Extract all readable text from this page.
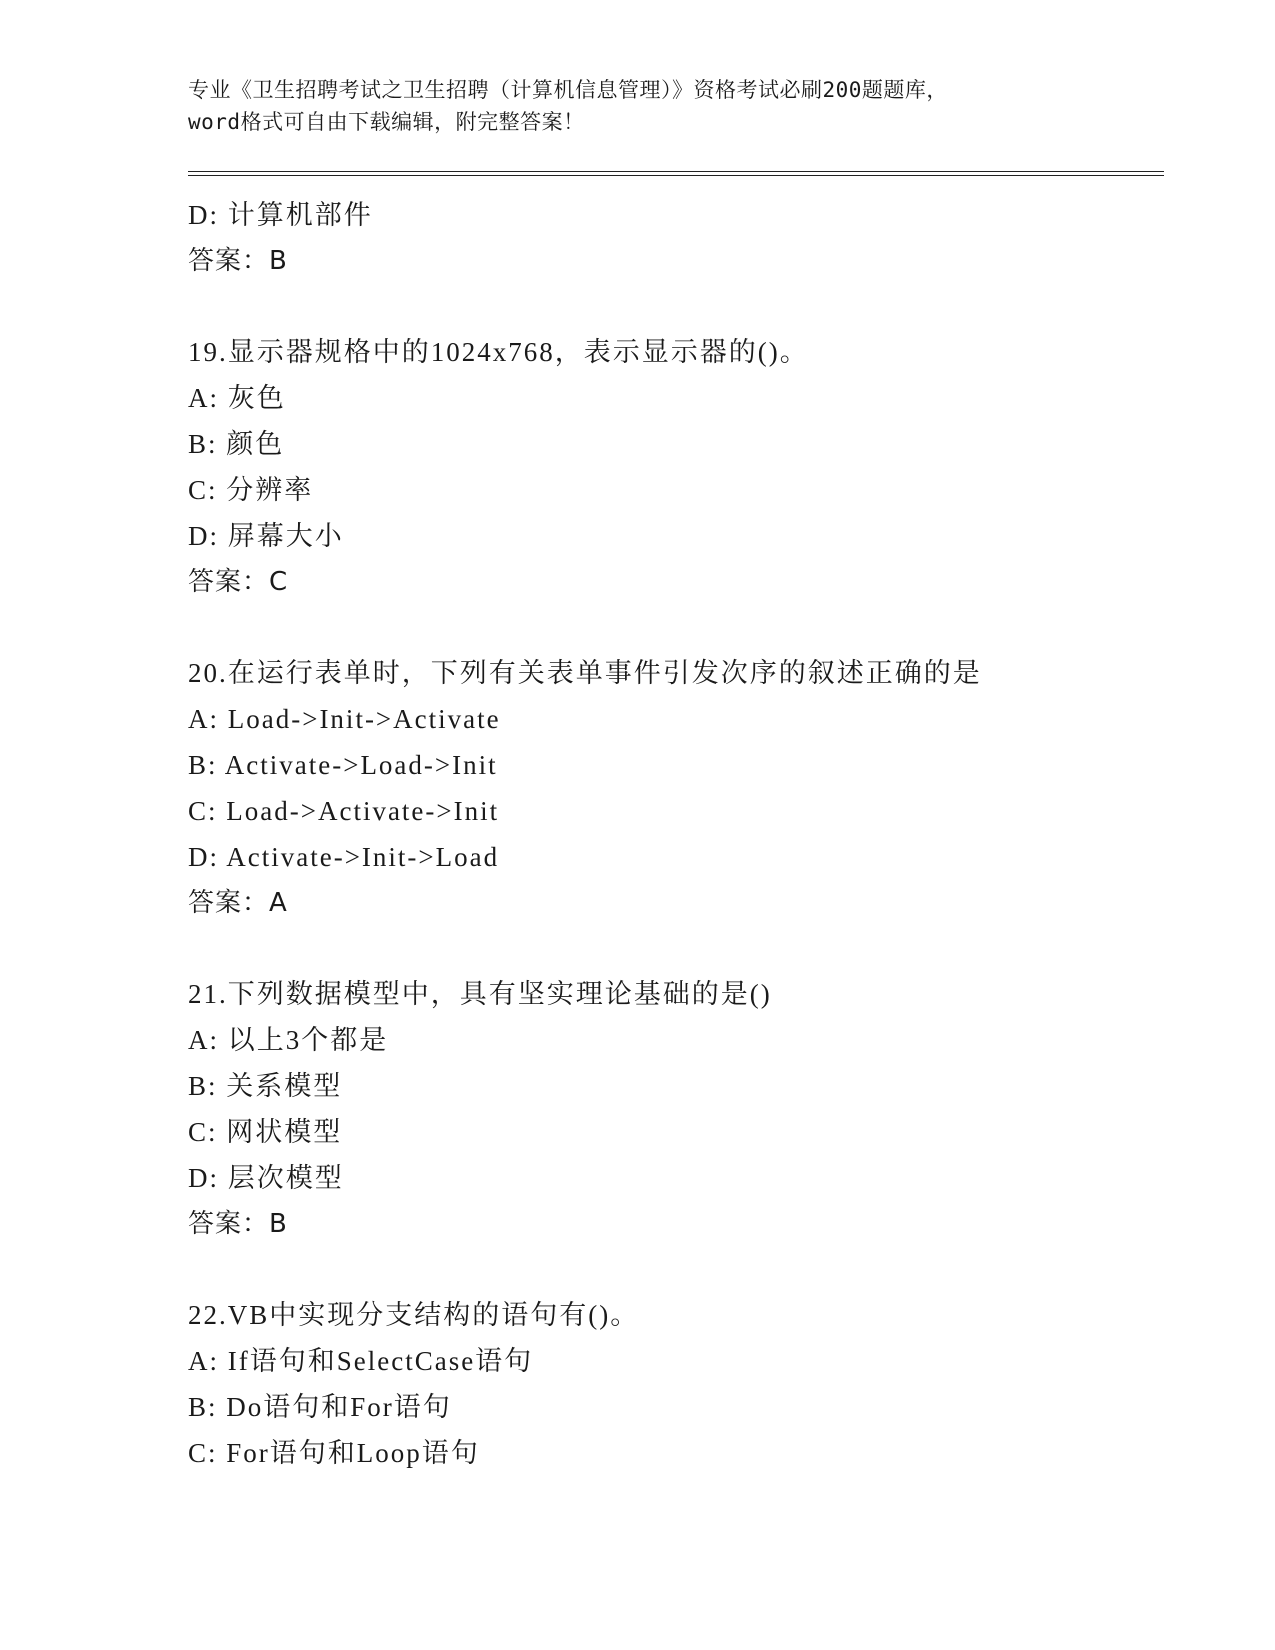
专业《卫生招聘考试之卫生招聘（计算机信息管理）》资格考试必刷200题题库，
word格式可自由下载编辑，附完整答案！
D: 计算机部件
答案：B
19.显示器规格中的1024x768，表示显示器的()。
A: 灰色
B: 颜色
C: 分辨率
D: 屏幕大小
答案：C
20.在运行表单时，下列有关表单事件引发次序的叙述正确的是
A: Load->Init->Activate
B: Activate->Load->Init
C: Load->Activate->Init
D: Activate->Init->Load
答案：A
21.下列数据模型中，具有坚实理论基础的是()
A: 以上3个都是
B: 关系模型
C: 网状模型
D: 层次模型
答案：B
22.VB中实现分支结构的语句有()。
A: If语句和SelectCase语句
B: Do语句和For语句
C: For语句和Loop语句
